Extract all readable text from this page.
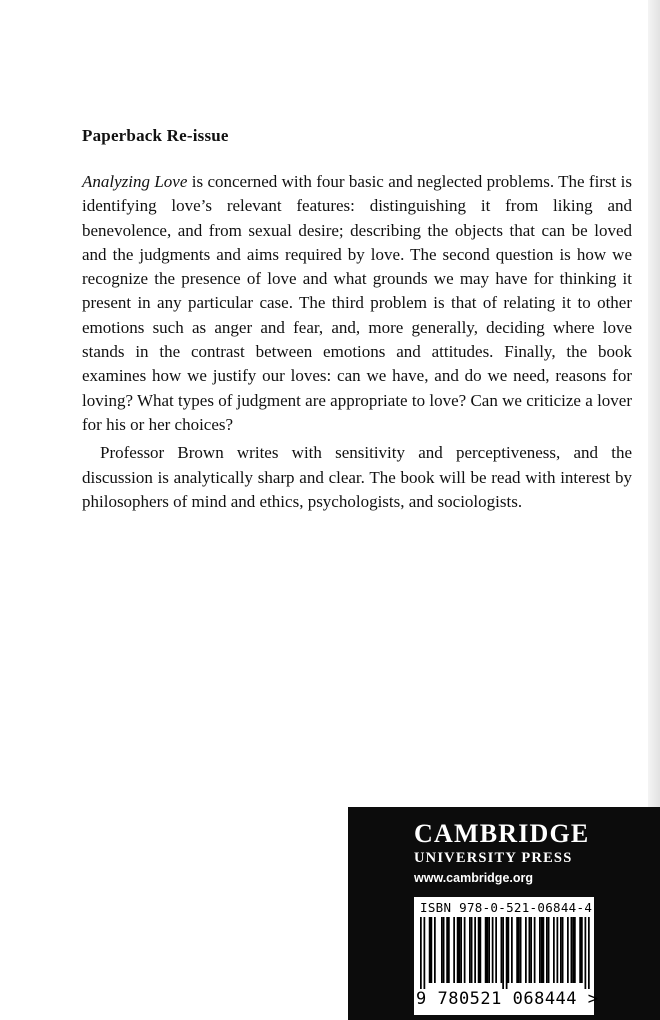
Paperback Re-issue

Analyzing Love is concerned with four basic and neglected problems. The first is identifying love’s relevant features: distinguishing it from liking and benevolence, and from sexual desire; describing the objects that can be loved and the judgments and aims required by love. The second question is how we recognize the presence of love and what grounds we may have for thinking it present in any particular case. The third problem is that of relating it to other emotions such as anger and fear, and, more generally, deciding where love stands in the contrast between emotions and attitudes. Finally, the book examines how we justify our loves: can we have, and do we need, reasons for loving? What types of judgment are appropriate to love? Can we criticize a lover for his or her choices?

Professor Brown writes with sensitivity and perceptiveness, and the discussion is analytically sharp and clear. The book will be read with interest by philosophers of mind and ethics, psychologists, and sociologists.

CAMBRIDGE
UNIVERSITY PRESS
www.cambridge.org
ISBN 978-0-521-06844-4
9 780521 068444 >
